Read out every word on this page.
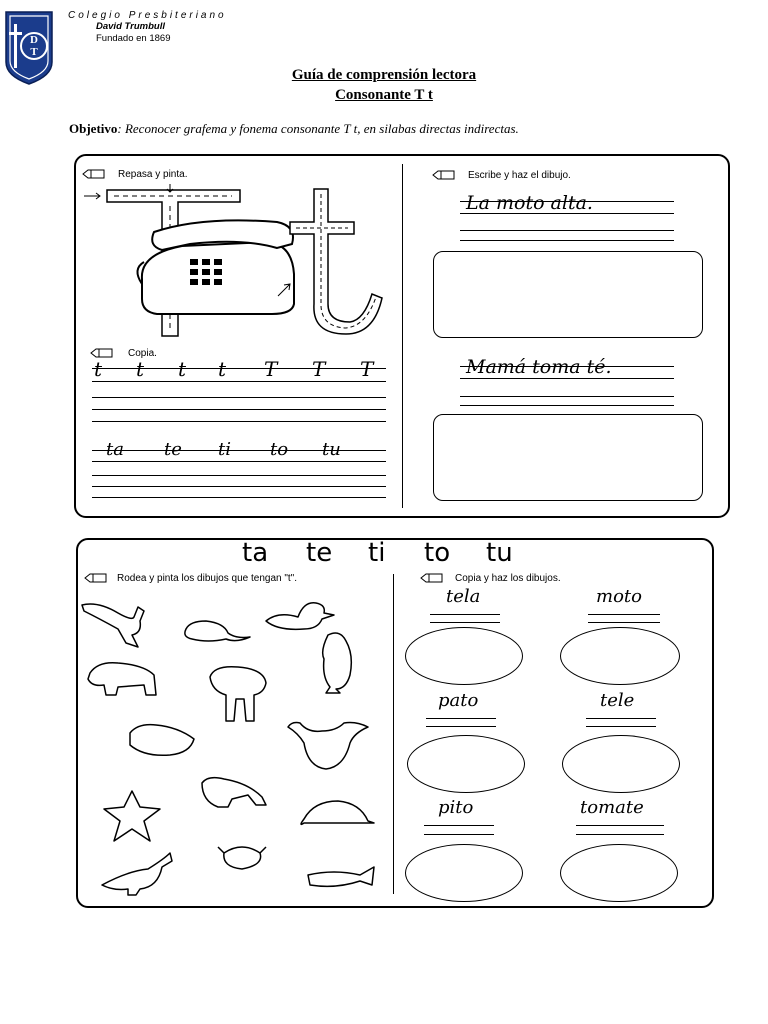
D
T
Colegio Presbiteriano
David Trumbull
Fundado en 1869
Guía de comprensión lectora
Consonante T t
Objetivo: Reconocer grafema y fonema consonante T t, en silabas directas indirectas.
Repasa y pinta.
Copia.
t t t t T T T
ta te ti to tu
Escribe y haz el dibujo.
La moto alta.
Mamá toma té.
ta te ti to tu
Rodea y pinta los dibujos que tengan "t".	Copia y haz los dibujos.
tela	moto
pato	tele
pito	tomate
